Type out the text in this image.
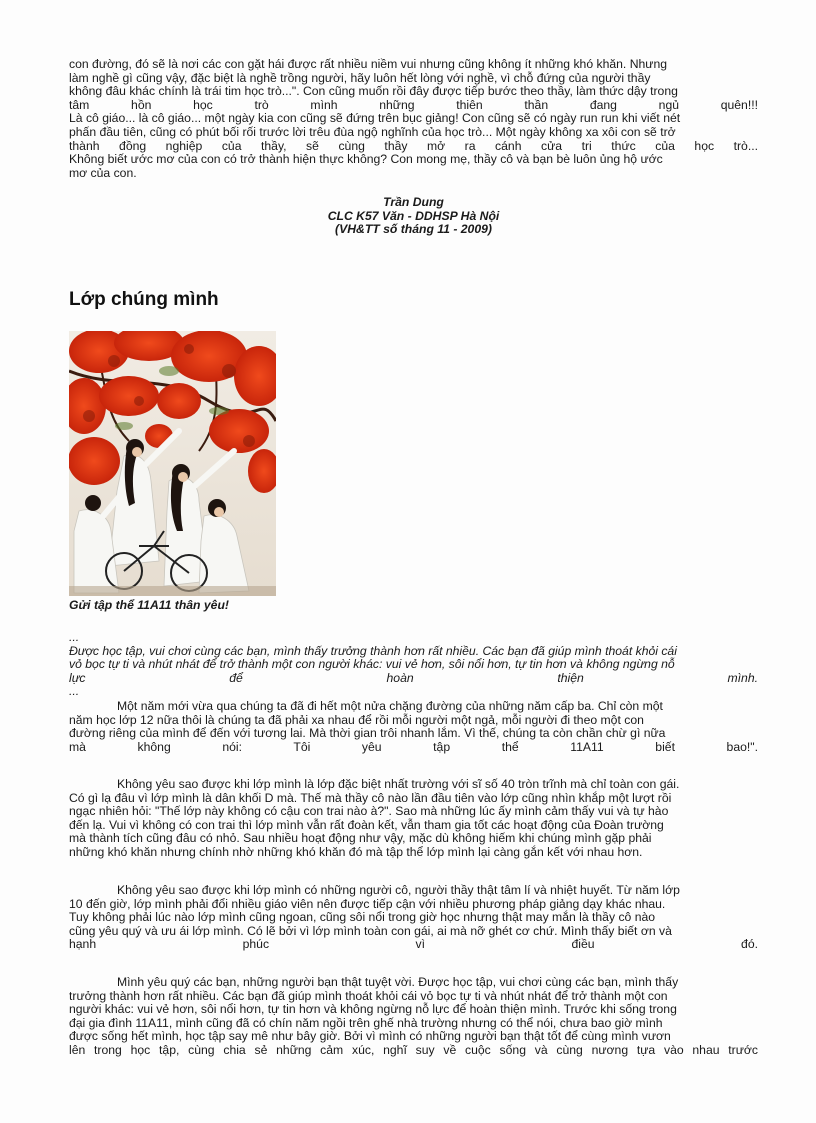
con đường, đó sẽ là nơi các con gặt hái được rất nhiều niềm vui nhưng cũng không ít những khó khăn. Nhưng

làm nghề gì cũng vậy, đặc biệt là nghề trồng người, hãy luôn hết lòng với nghề, vì chỗ đứng của người thầy

không đâu khác chính là trái tim học trò...". Con cũng muốn rồi đây được tiếp bước theo thầy, làm thức dậy trong

tâm hồn học trò mình những thiên thần đang ngủ quên!!!

Là cô giáo... là cô giáo... một ngày kia con cũng sẽ đứng trên bục giảng! Con cũng sẽ có ngày run run khi viết nét

phấn đầu tiên, cũng có phút bối rối trước lời trêu đùa ngộ nghĩnh của học trò... Một ngày không xa xôi con sẽ trở

thành đồng nghiệp của thầy, sẽ cùng thầy mở ra cánh cửa tri thức của học trò...

Không biết ước mơ của con có trở thành hiện thực không? Con mong mẹ, thầy cô và bạn bè luôn ủng hộ ước

mơ của con.

Trần Dung
CLC K57 Văn - DDHSP Hà Nội
(VH&TT số tháng 11 - 2009)
Lớp chúng mình
Gửi tập thể 11A11 thân yêu!

...

Được học tập, vui chơi cùng các bạn, mình thấy trưởng thành hơn rất nhiều. Các bạn đã giúp mình thoát khỏi cái

vỏ bọc tự ti và nhút nhát để trở thành một con người khác: vui vẻ hơn, sôi nổi hơn, tự tin hơn và không ngừng nỗ

lực để hoàn thiện mình.

...

Một năm mới vừa qua chúng ta đã đi hết một nửa chặng đường của những năm cấp ba. Chỉ còn một

năm học lớp 12 nữa thôi là chúng ta đã phải xa nhau để rồi mỗi người một ngả, mỗi người đi theo một con

đường riêng của mình để đến với tương lai. Mà thời gian trôi nhanh lắm. Vì thế, chúng ta còn chần chừ gì nữa

mà không nói: Tôi yêu tập thể 11A11 biết bao!".

Không yêu sao được khi lớp mình là lớp đặc biệt nhất trường với sĩ số 40 tròn trĩnh mà chỉ toàn con gái.

Có gì lạ đâu vì lớp mình là dân khối D mà. Thế mà thầy cô nào lần đầu tiên vào lớp cũng nhìn khắp một lượt rồi

ngạc nhiên hỏi: "Thế lớp này không có cậu con trai nào à?". Sao mà những lúc ấy mình cảm thấy vui và tự hào

đến lạ. Vui vì không có con trai thì lớp mình vẫn rất đoàn kết, vẫn tham gia tốt các hoạt động của Đoàn trường

mà thành tích cũng đâu có nhỏ. Sau nhiều hoạt động như vậy, mặc dù không hiếm khi chúng mình gặp phải

những khó khăn nhưng chính nhờ những khó khăn đó mà tập thể lớp mình lại càng gắn kết với nhau hơn.

Không yêu sao được khi lớp mình có những người cô, người thầy thật tâm lí và nhiệt huyết. Từ năm lớp

10 đến giờ, lớp mình phải đổi nhiều giáo viên nên được tiếp cận với nhiều phương pháp giảng dạy khác nhau.

Tuy không phải lúc nào lớp mình cũng ngoan, cũng sôi nổi trong giờ học nhưng thật may mắn là thầy cô nào

cũng yêu quý và ưu ái lớp mình. Có lẽ bởi vì lớp mình toàn con gái, ai mà nỡ ghét cơ chứ. Mình thấy biết ơn và

hạnh phúc vì điều đó.

Mình yêu quý các bạn, những người bạn thật tuyệt vời. Được học tập, vui chơi cùng các bạn, mình thấy

trưởng thành hơn rất nhiều. Các bạn đã giúp mình thoát khỏi cái vỏ bọc tự ti và nhút nhát để trở thành một con

người khác: vui vẻ hơn, sôi nổi hơn, tự tin hơn và không ngừng nỗ lực để hoàn thiện mình. Trước khi sống trong

đại gia đình 11A11, mình cũng đã có chín năm ngồi trên ghế nhà trường nhưng có thể nói, chưa bao giờ mình

được sống hết mình, học tập say mê như bây giờ. Bởi vì mình có những người bạn thật tốt để cùng mình vươn

lên trong học tập, cùng chia sẻ những cảm xúc, nghĩ suy về cuộc sống và cùng nương tựa vào nhau trước
